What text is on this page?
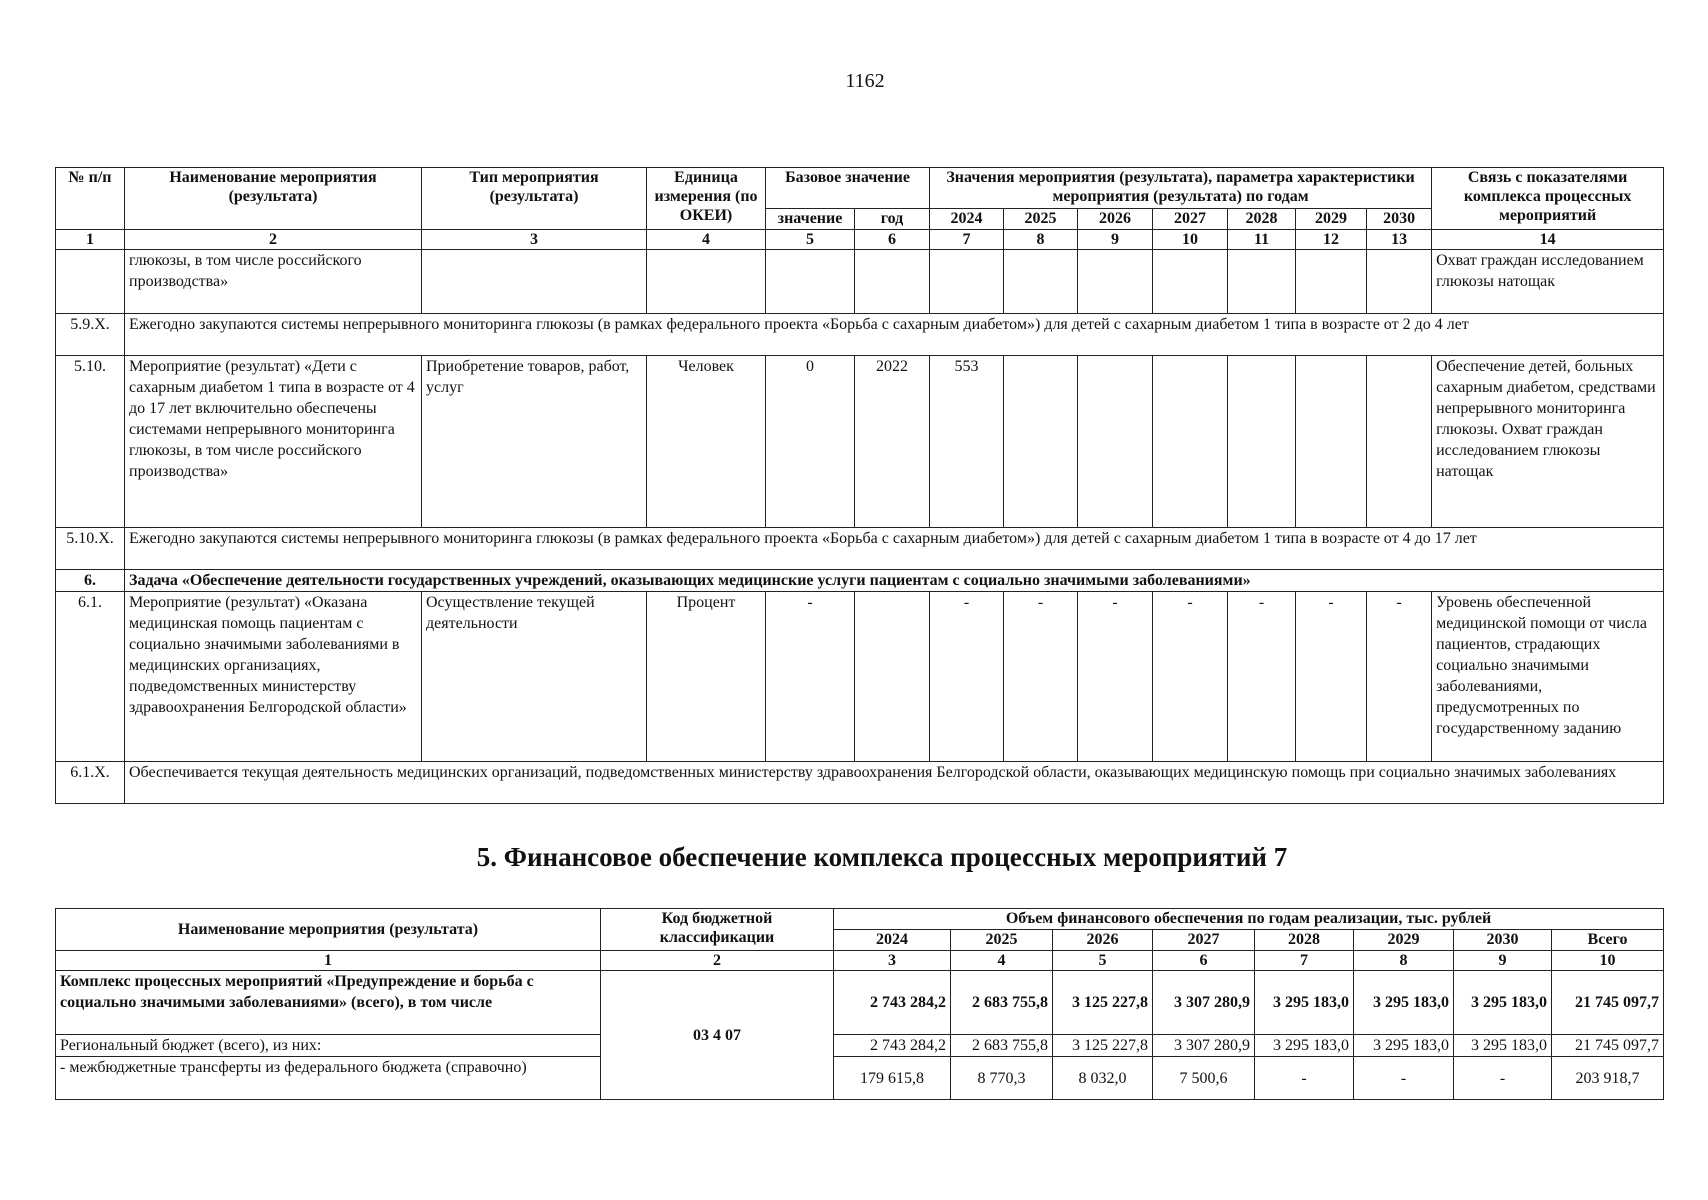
1162
№ п/п	Наименование мероприятия (результата)	Тип мероприятия (результата)	Единица измерения (по ОКЕИ)	Базовое значение		Значения мероприятия (результата), параметра характеристики мероприятия (результата) по годам							Связь с показателями комплекса процессных мероприятий
				значение	год	2024	2025	2026	2027	2028	2029	2030	
1	2	3	4	5	6	7	8	9	10	11	12	13	14
	глюкозы, в том числе российского производства»												Охват граждан исследованием глюкозы натощак
5.9.Х.	Ежегодно закупаются системы непрерывного мониторинга глюкозы (в рамках федерального проекта «Борьба с сахарным диабетом») для детей с сахарным диабетом 1 типа в возрасте от 2 до 4 лет												
5.10.	Мероприятие (результат) «Дети с сахарным диабетом 1 типа в возрасте от 4 до 17 лет включительно обеспечены системами непрерывного мониторинга глюкозы, в том числе российского производства»	Приобретение товаров, работ, услуг	Человек	0	2022	553							Обеспечение детей, больных сахарным диабетом, средствами непрерывного мониторинга глюкозы. Охват граждан исследованием глюкозы натощак
5.10.Х.	Ежегодно закупаются системы непрерывного мониторинга глюкозы (в рамках федерального проекта «Борьба с сахарным диабетом») для детей с сахарным диабетом 1 типа в возрасте от 4 до 17 лет												
6.	Задача «Обеспечение деятельности государственных учреждений, оказывающих медицинские услуги пациентам с социально значимыми заболеваниями»												
6.1.	Мероприятие (результат) «Оказана медицинская помощь пациентам с социально значимыми заболеваниями в медицинских организациях, подведомственных министерству здравоохранения Белгородской области»	Осуществление текущей деятельности	Процент	-		-	-	-	-	-	-	-	Уровень обеспеченной медицинской помощи от числа пациентов, страдающих социально значимыми заболеваниями, предусмотренных по государственному заданию
6.1.Х.	Обеспечивается текущая деятельность медицинских организаций, подведомственных министерству здравоохранения Белгородской области, оказывающих медицинскую помощь при социально значимых заболеваниях												
5. Финансовое обеспечение комплекса процессных мероприятий 7
Наименование мероприятия (результата)	Код бюджетной классификации	Объем финансового обеспечения по годам реализации, тыс. рублей							
		2024	2025	2026	2027	2028	2029	2030	Всего
1	2	3	4	5	6	7	8	9	10
Комплекс процессных мероприятий «Предупреждение и борьба с социально значимыми заболеваниями» (всего), в том числе	03 4 07	2 743 284,2	2 683 755,8	3 125 227,8	3 307 280,9	3 295 183,0	3 295 183,0	3 295 183,0	21 745 097,7
Региональный бюджет (всего), из них:		2 743 284,2	2 683 755,8	3 125 227,8	3 307 280,9	3 295 183,0	3 295 183,0	3 295 183,0	21 745 097,7
- межбюджетные трансферты из федерального бюджета (справочно)		179 615,8	8 770,3	8 032,0	7 500,6	-	-	-	203 918,7
